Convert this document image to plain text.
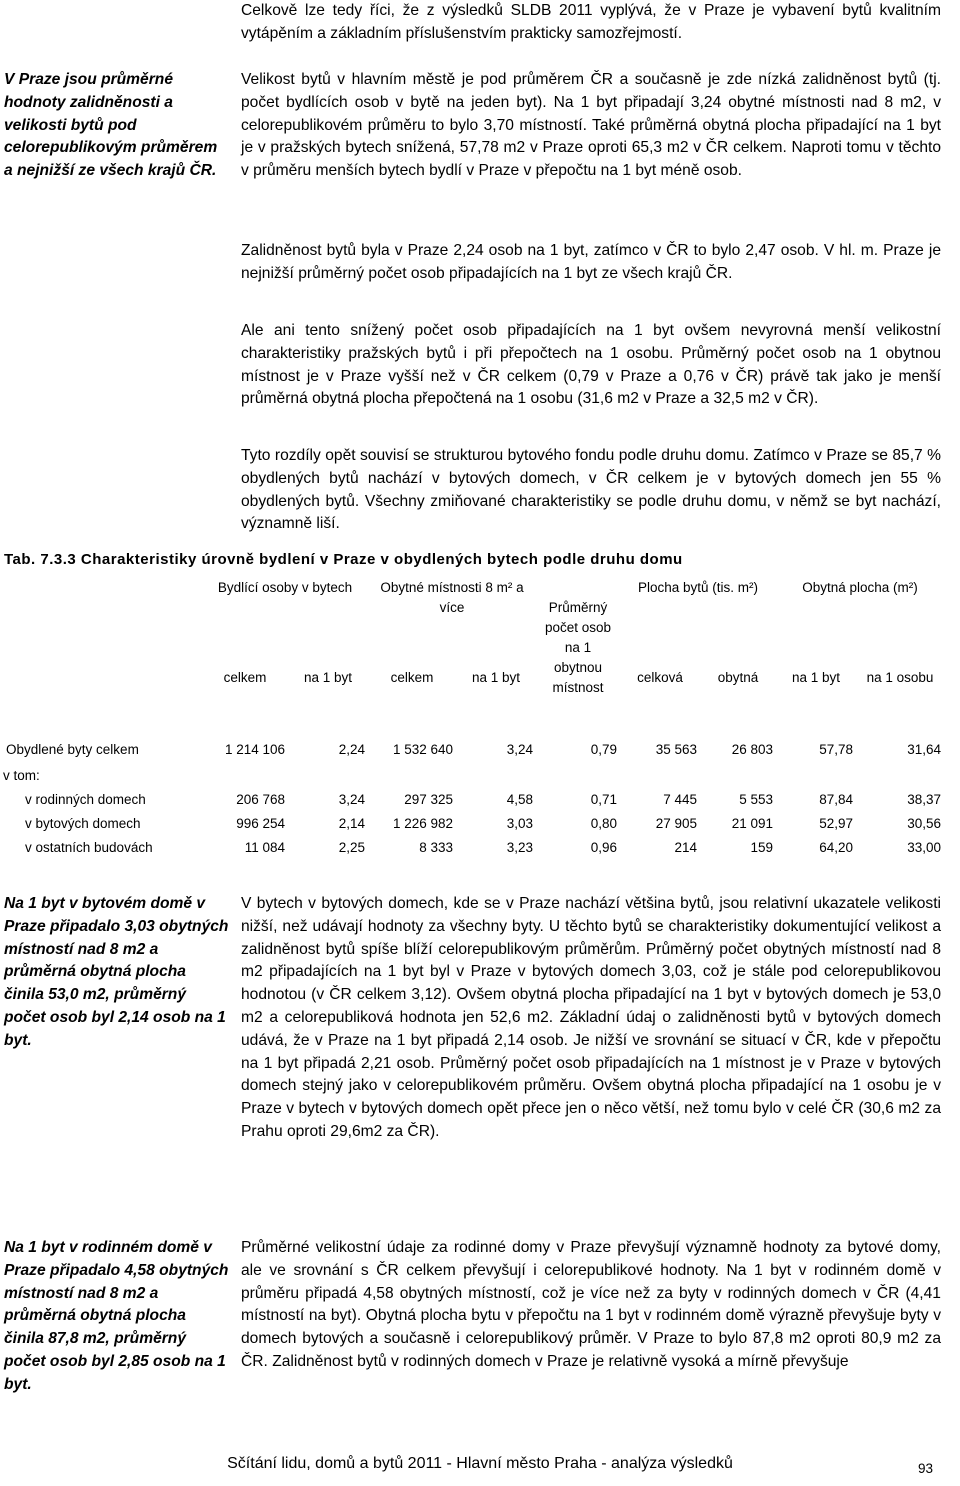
Celkově lze tedy říci, že z výsledků SLDB 2011 vyplývá, že v Praze je vybavení bytů kvalitním vytápěním a základním příslušenstvím prakticky samozřejmostí.

V Praze jsou průměrné hodnoty zalidněnosti a velikosti bytů pod celorepublikovým průměrem a nejnižší ze všech krajů ČR.

Velikost bytů v hlavním městě je pod průměrem ČR a současně je zde nízká zalidněnost bytů (tj. počet bydlících osob v bytě na jeden byt). Na 1 byt připadají 3,24 obytné místnosti nad 8 m2, v celorepublikovém průměru to bylo 3,70 místností. Také průměrná obytná plocha připadající na 1 byt je v pražských bytech snížená, 57,78 m2 v Praze oproti 65,3 m2 v ČR celkem. Naproti tomu v těchto v průměru menších bytech bydlí v Praze v přepočtu na 1 byt méně osob.

Zalidněnost bytů byla v Praze 2,24 osob na 1 byt, zatímco v ČR to bylo 2,47 osob. V hl. m. Praze je nejnižší průměrný počet osob připadajících na 1 byt ze všech krajů ČR.

Ale ani tento snížený počet osob připadajících na 1 byt ovšem nevyrovná menší velikostní charakteristiky pražských bytů i při přepočtech na 1 osobu. Průměrný počet osob na 1 obytnou místnost je v Praze vyšší než v ČR celkem (0,79 v Praze a 0,76 v ČR) právě tak jako je menší průměrná obytná plocha přepočtená na 1 osobu (31,6 m2 v Praze a 32,5 m2 v ČR).

Tyto rozdíly opět souvisí se strukturou bytového fondu podle druhu domu. Zatímco v Praze se 85,7 % obydlených bytů nachází v bytových domech, v ČR celkem je v bytových domech jen 55 % obydlených bytů. Všechny zmiňované charakteristiky se podle druhu domu, v němž se byt nachází, významně liší.

Tab. 7.3.3 Charakteristiky úrovně bydlení v Praze v obydlených bytech podle druhu domu

	Bydlící osoby v bytech		Obytné místnosti 8 m² a více		Průměrný počet osob na 1 obytnou místnost	Plocha bytů (tis. m²)		Obytná plocha (m²)	
	celkem	na 1 byt	celkem	na 1 byt		celková	obytná	na 1 byt	na 1 osobu

Obydlené byty celkem	1 214 106	2,24	1 532 640	3,24	0,79	35 563	26 803	57,78	31,64
v tom:									
v rodinných domech	206 768	3,24	297 325	4,58	0,71	7 445	5 553	87,84	38,37
v bytových domech	996 254	2,14	1 226 982	3,03	0,80	27 905	21 091	52,97	30,56
v ostatních budovách	11 084	2,25	8 333	3,23	0,96	214	159	64,20	33,00

Na 1 byt v bytovém domě v Praze připadalo 3,03 obytných místností nad 8 m2 a průměrná obytná plocha činila 53,0 m2, průměrný počet osob byl 2,14 osob na 1 byt.

V bytech v bytových domech, kde se v Praze nachází většina bytů, jsou relativní ukazatele velikosti nižší, než udávají hodnoty za všechny byty. U těchto bytů se charakteristiky dokumentující velikost a zalidněnost bytů spíše blíží celorepublikovým průměrům. Průměrný počet obytných místností nad 8 m2 připadajících na 1 byt byl v Praze v bytových domech 3,03, což je stále pod celorepublikovou hodnotou (v ČR celkem 3,12). Ovšem obytná plocha připadající na 1 byt v bytových domech je 53,0 m2 a celorepubliková hodnota jen 52,6 m2. Základní údaj o zalidněnosti bytů v bytových domech udává, že v Praze na 1 byt připadá 2,14 osob. Je nižší ve srovnání se situací v ČR, kde v přepočtu na 1 byt připadá 2,21 osob. Průměrný počet osob připadajících na 1 místnost je v Praze v bytových domech stejný jako v celorepublikovém průměru. Ovšem obytná plocha připadající na 1 osobu je v Praze v bytech v bytových domech opět přece jen o něco větší, než tomu bylo v celé ČR (30,6 m2 za Prahu oproti 29,6m2 za ČR).

Na 1 byt v rodinném domě v Praze připadalo 4,58 obytných místností nad 8 m2 a průměrná obytná plocha činila 87,8 m2, průměrný počet osob byl 2,85 osob na 1 byt.

Průměrné velikostní údaje za rodinné domy v Praze převyšují významně hodnoty za bytové domy, ale ve srovnání s ČR celkem převyšují i celorepublikové hodnoty. Na 1 byt v rodinném domě v průměru připadá 4,58 obytných místností, což je více než za byty v rodinných domech v ČR (4,41 místností na byt). Obytná plocha bytu v přepočtu na 1 byt v rodinném domě výrazně převyšuje byty v domech bytových a současně i celorepublikový průměr. V Praze to bylo 87,8 m2 oproti 80,9 m2 za ČR. Zalidněnost bytů v rodinných domech v Praze je relativně vysoká a mírně převyšuje

Sčítání lidu, domů a bytů 2011 - Hlavní město Praha - analýza výsledků	93
